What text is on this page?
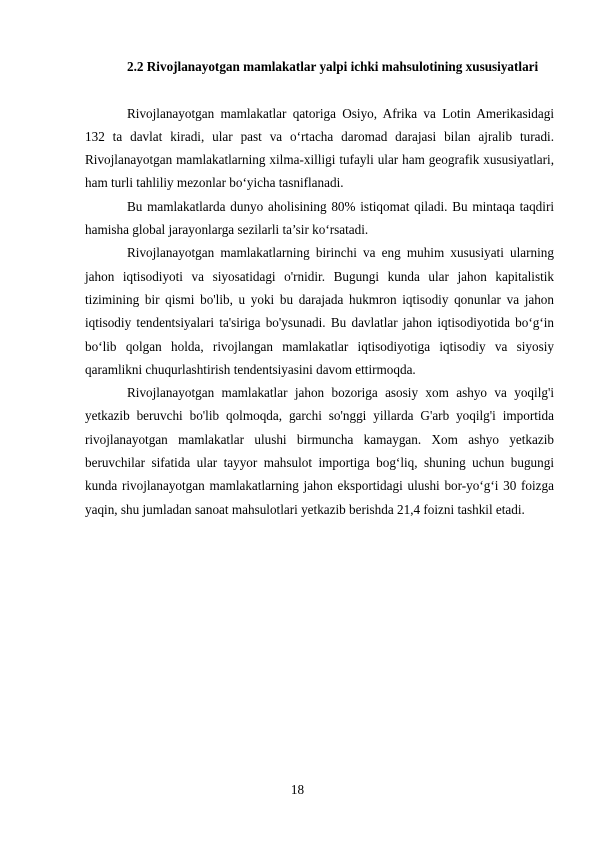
2.2 Rivojlanayotgan mamlakatlar yalpi ichki mahsulotining xususiyatlari

Rivojlanayotgan mamlakatlar qatoriga Osiyo, Afrika va Lotin Amerikasidagi 132 ta davlat kiradi, ular past va o‘rtacha daromad darajasi bilan ajralib turadi. Rivojlanayotgan mamlakatlarning xilma-xilligi tufayli ular ham geografik xususiyatlari, ham turli tahliliy mezonlar bo‘yicha tasniflanadi.

Bu mamlakatlarda dunyo aholisining 80% istiqomat qiladi. Bu mintaqa taqdiri hamisha global jarayonlarga sezilarli ta’sir ko‘rsatadi.

Rivojlanayotgan mamlakatlarning birinchi va eng muhim xususiyati ularning jahon iqtisodiyoti va siyosatidagi o'rnidir. Bugungi kunda ular jahon kapitalistik tizimining bir qismi bo'lib, u yoki bu darajada hukmron iqtisodiy qonunlar va jahon iqtisodiy tendentsiyalari ta'siriga bo'ysunadi. Bu davlatlar jahon iqtisodiyotida bo‘g‘in bo‘lib qolgan holda, rivojlangan mamlakatlar iqtisodiyotiga iqtisodiy va siyosiy qaramlikni chuqurlashtirish tendentsiyasini davom ettirmoqda.

Rivojlanayotgan mamlakatlar jahon bozoriga asosiy xom ashyo va yoqilg'i yetkazib beruvchi bo'lib qolmoqda, garchi so'nggi yillarda G'arb yoqilg'i importida rivojlanayotgan mamlakatlar ulushi birmuncha kamaygan. Xom ashyo yetkazib beruvchilar sifatida ular tayyor mahsulot importiga bog‘liq, shuning uchun bugungi kunda rivojlanayotgan mamlakatlarning jahon eksportidagi ulushi bor-yo‘g‘i 30 foizga yaqin, shu jumladan sanoat mahsulotlari yetkazib berishda 21,4 foizni tashkil etadi.

18
